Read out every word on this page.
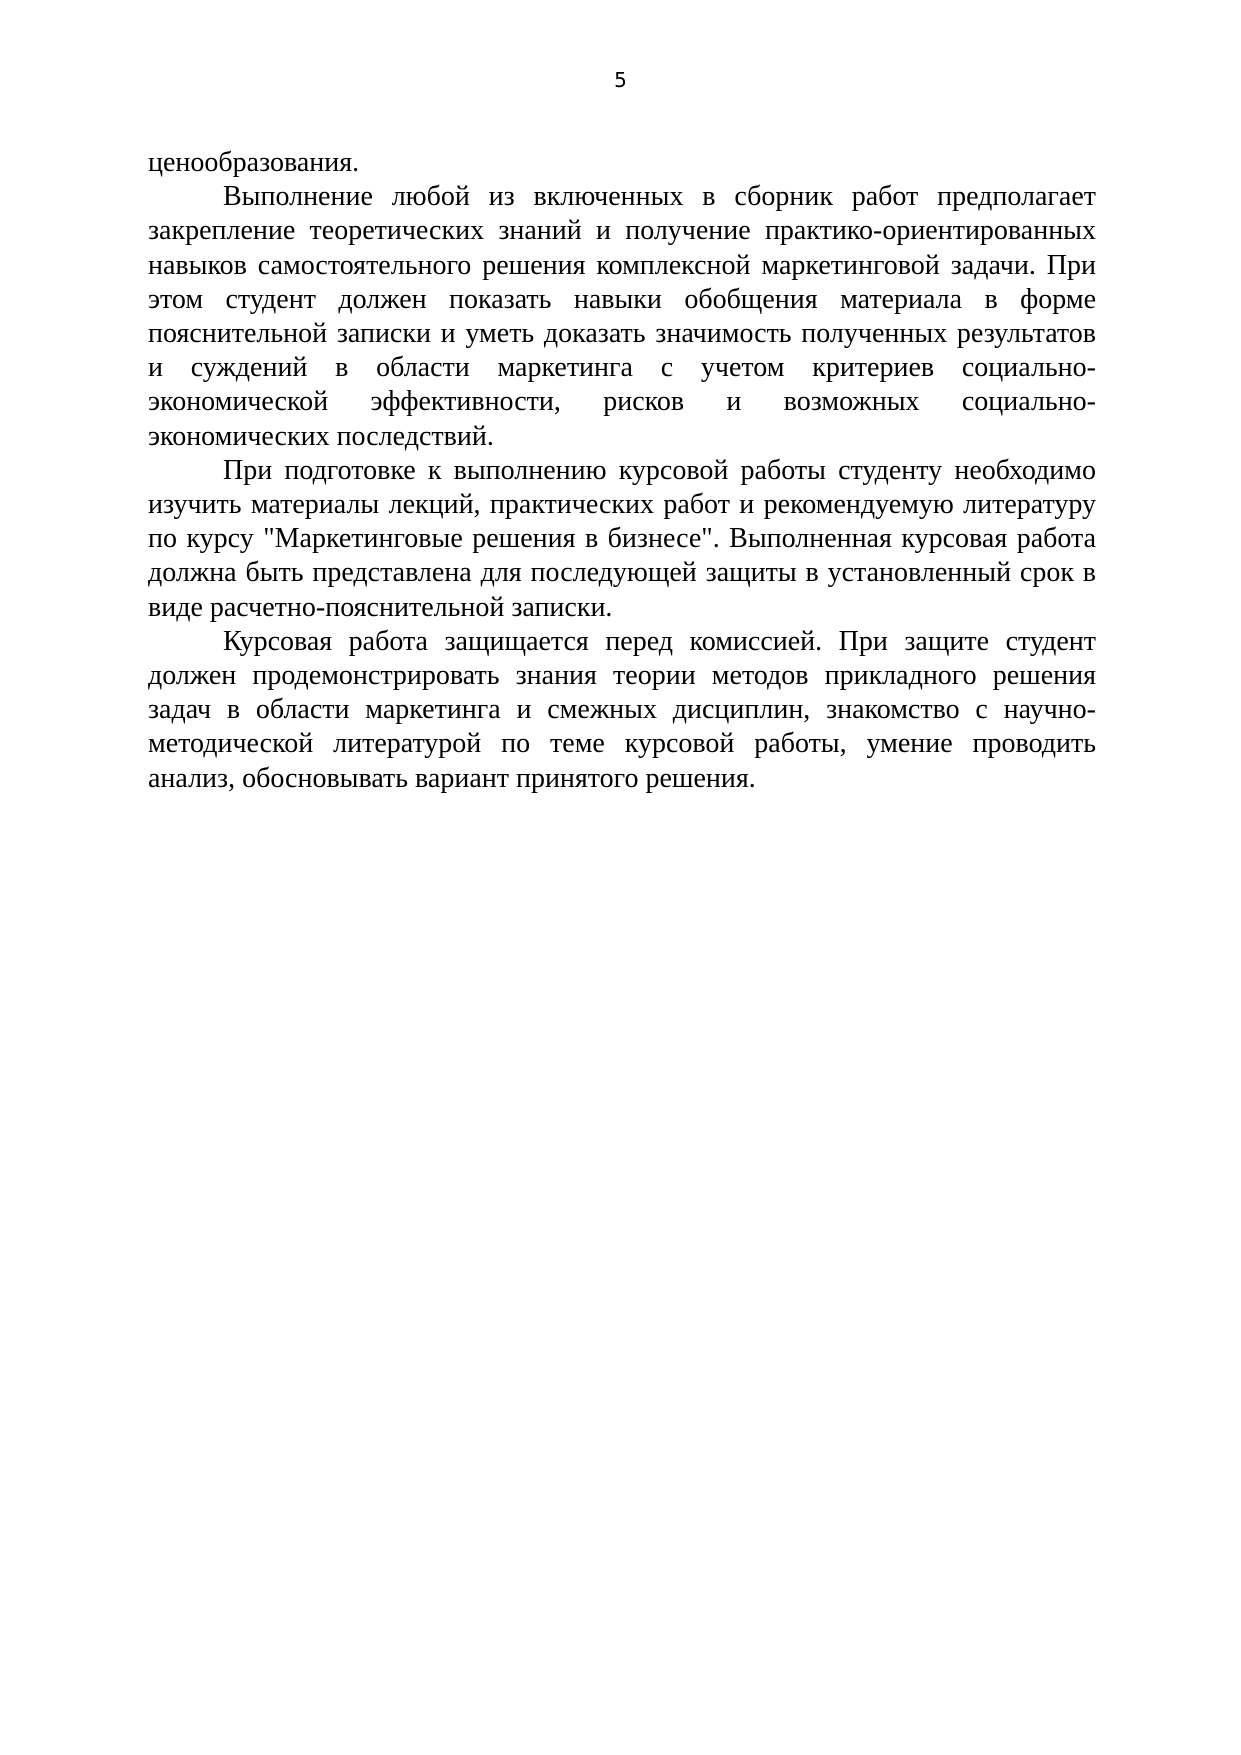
5

ценообразования.

Выполнение любой из включенных в сборник работ предполагает закрепление теоретических знаний и получение практико-ориентированных навыков самостоятельного решения комплексной маркетинговой задачи. При этом студент должен показать навыки обобщения материала в форме пояснительной записки и уметь доказать значимость полученных результатов и суждений в области маркетинга с учетом критериев социально-экономической эффективности, рисков и возможных социально-экономических последствий.

При подготовке к выполнению курсовой работы студенту необходимо изучить материалы лекций, практических работ и рекомендуемую литературу по курсу "Маркетинговые решения в бизнесе". Выполненная курсовая работа должна быть представлена для последующей защиты в установленный срок в виде расчетно-пояснительной записки.

Курсовая работа защищается перед комиссией. При защите студент должен продемонстрировать знания теории методов прикладного решения задач в области маркетинга и смежных дисциплин, знакомство с научно-методической литературой по теме курсовой работы, умение проводить анализ, обосновывать вариант принятого решения.
